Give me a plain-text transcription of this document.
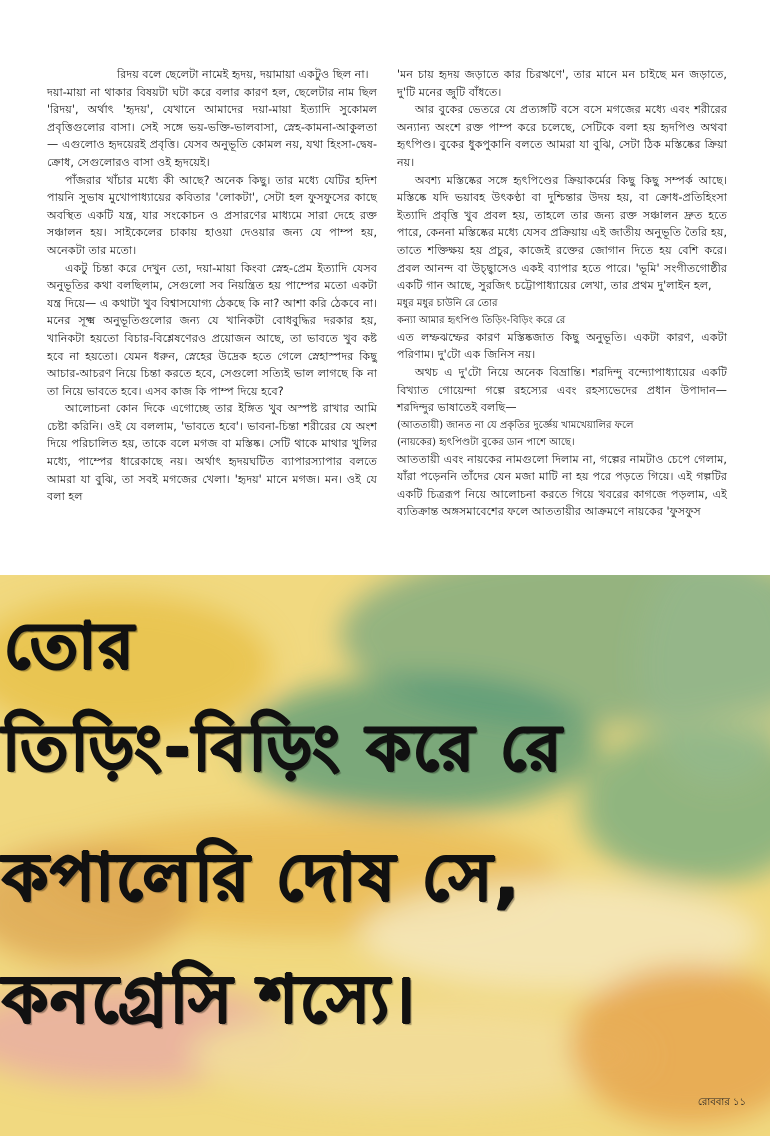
রিদয় বলে ছেলেটা নামেই হৃদয়, দয়ামায়া একটুও ছিল না।

দয়া-মায়া না থাকার বিষয়টা ঘটা করে বলার কারণ হল, ছেলেটার নাম ছিল 'রিদয়', অর্থাৎ 'হৃদয়', যেখানে আমাদের দয়া-মায়া ইত্যাদি সুকোমল প্রবৃত্তিগুলোর বাসা। সেই সঙ্গে ভয়-ভক্তি-ভালবাসা, স্নেহ-কামনা-আকুলতা— এগুলোও হৃদয়েরই প্রবৃত্তি। যেসব অনুভূতি কোমল নয়, যথা হিংসা-দ্বেষ-ক্রোধ, সেগুলোরও বাসা ওই হৃদয়েই।

পাঁজরার খাঁচার মধ্যে কী আছে? অনেক কিছু। তার মধ্যে যেটির হদিশ পায়নি সুভাষ মুখোপাধ্যায়ের কবিতার 'লোকটা', সেটা হল ফুসফুসের কাছে অবস্থিত একটি যন্ত্র, যার সংকোচন ও প্রসারণের মাধ্যমে সারা দেহে রক্ত সঞ্চালন হয়। সাইকেলের চাকায় হাওয়া দেওয়ার জন্য যে পাম্প হয়, অনেকটা তার মতো।

একটু চিন্তা করে দেখুন তো, দয়া-মায়া কিংবা স্নেহ-প্রেম ইত্যাদি যেসব অনুভূতির কথা বলছিলাম, সেগুলো সব নিয়ন্ত্রিত হয় পাম্পের মতো একটা যন্ত্র দিয়ে— এ কথাটা খুব বিশ্বাসযোগ্য ঠেকছে কি না? আশা করি ঠেকবে না। মনের সূক্ষ্ম অনুভূতিগুলোর জন্য যে খানিকটা বোধবুদ্ধির দরকার হয়, খানিকটা হয়তো বিচার-বিশ্লেষণেরও প্রয়োজন আছে, তা ভাবতে খুব কষ্ট হবে না হয়তো। যেমন ধরুন, স্নেহের উদ্রেক হতে গেলে স্নেহাস্পদর কিছু আচার-আচরণ নিয়ে চিন্তা করতে হবে, সেগুলো সত্যিই ভাল লাগছে কি না তা নিয়ে ভাবতে হবে। এসব কাজ কি পাম্প দিয়ে হবে?

আলোচনা কোন দিকে এগোচ্ছে তার ইঙ্গিত খুব অস্পষ্ট রাখার আমি চেষ্টা করিনি। ওই যে বললাম, 'ভাবতে হবে'। ভাবনা-চিন্তা শরীরের যে অংশ দিয়ে পরিচালিত হয়, তাকে বলে মগজ বা মস্তিষ্ক। সেটি থাকে মাথার খুলির মধ্যে, পাম্পের ধারেকাছে নয়। অর্থাৎ হৃদয়ঘটিত ব্যাপারস্যাপার বলতে আমরা যা বুঝি, তা সবই মগজের খেলা। 'হৃদয়' মানে মগজ। মন। ওই যে বলা হল

'মন চায় হৃদয় জড়াতে কার চিরঋণে', তার মানে মন চাইছে মন জড়াতে, দু'টি মনের জুটি বাঁধতে।

আর বুকের ভেতরে যে প্রত্যঙ্গটি বসে বসে মগজের মধ্যে এবং শরীরের অন্যান্য অংশে রক্ত পাম্প করে চলেছে, সেটিকে বলা হয় হৃদপিণ্ড অথবা হৃৎপিণ্ড। বুকের ধুকপুকানি বলতে আমরা যা বুঝি, সেটা ঠিক মস্তিষ্কের ক্রিয়া নয়।

অবশ্য মস্তিষ্কের সঙ্গে হৃৎপিণ্ডের ক্রিয়াকর্মের কিছু কিছু সম্পর্ক আছে। মস্তিষ্কে যদি ভয়াবহ উৎকণ্ঠা বা দুশ্চিন্তার উদয় হয়, বা ক্রোধ-প্রতিহিংসা ইত্যাদি প্রবৃত্তি খুব প্রবল হয়, তাহলে তার জন্য রক্ত সঞ্চালন দ্রুত হতে পারে, কেননা মস্তিষ্কের মধ্যে যেসব প্রক্রিয়ায় এই জাতীয় অনুভূতি তৈরি হয়, তাতে শক্তিক্ষয় হয় প্রচুর, কাজেই রক্তের জোগান দিতে হয় বেশি করে। প্রবল আনন্দ বা উচ্ছ্বাসেও একই ব্যাপার হতে পারে। 'ভূমি' সংগীতগোষ্ঠীর একটি গান আছে, সুরজিৎ চট্টোপাধ্যায়ের লেখা, তার প্রথম দু'লাইন হল,

মধুর মধুর চাউনি রে তোর

কন্যা আমার হৃৎপিণ্ড তিড়িং-বিড়িং করে রে

এত লম্ফঝম্ফের কারণ মস্তিষ্কজাত কিছু অনুভূতি। একটা কারণ, একটা পরিণাম। দু'টো এক জিনিস নয়।

অথচ এ দু'টো নিয়ে অনেক বিভ্রান্তি। শরদিন্দু বন্দ্যোপাধ্যায়ের একটি বিখ্যাত গোয়েন্দা গল্পে রহস্যের এবং রহস্যভেদের প্রধান উপাদান— শরদিন্দুর ভাষাতেই বলছি—

(আততায়ী) জানত না যে প্রকৃতির দুর্জ্ঞেয় খামখেয়ালির ফলে

(নায়কের) হৃৎপিণ্ডটা বুকের ডান পাশে আছে।

আততায়ী এবং নায়কের নামগুলো দিলাম না, গল্পের নামটাও চেপে গেলাম, যাঁরা পড়েননি তাঁদের যেন মজা মাটি না হয় পরে পড়তে গিয়ে। এই গল্পটির একটি চিত্ররূপ নিয়ে আলোচনা করতে গিয়ে খবরের কাগজে পড়লাম, এই ব্যতিক্রান্ত অঙ্গসমাবেশের ফলে আততায়ীর আক্রমণে নায়কের 'ফুসফুস

তোর
তিড়িং-বিড়িং করে রে
কপালেরি দোষ সে,
কনগ্রেসি শস্যে।
রোববার ১১
